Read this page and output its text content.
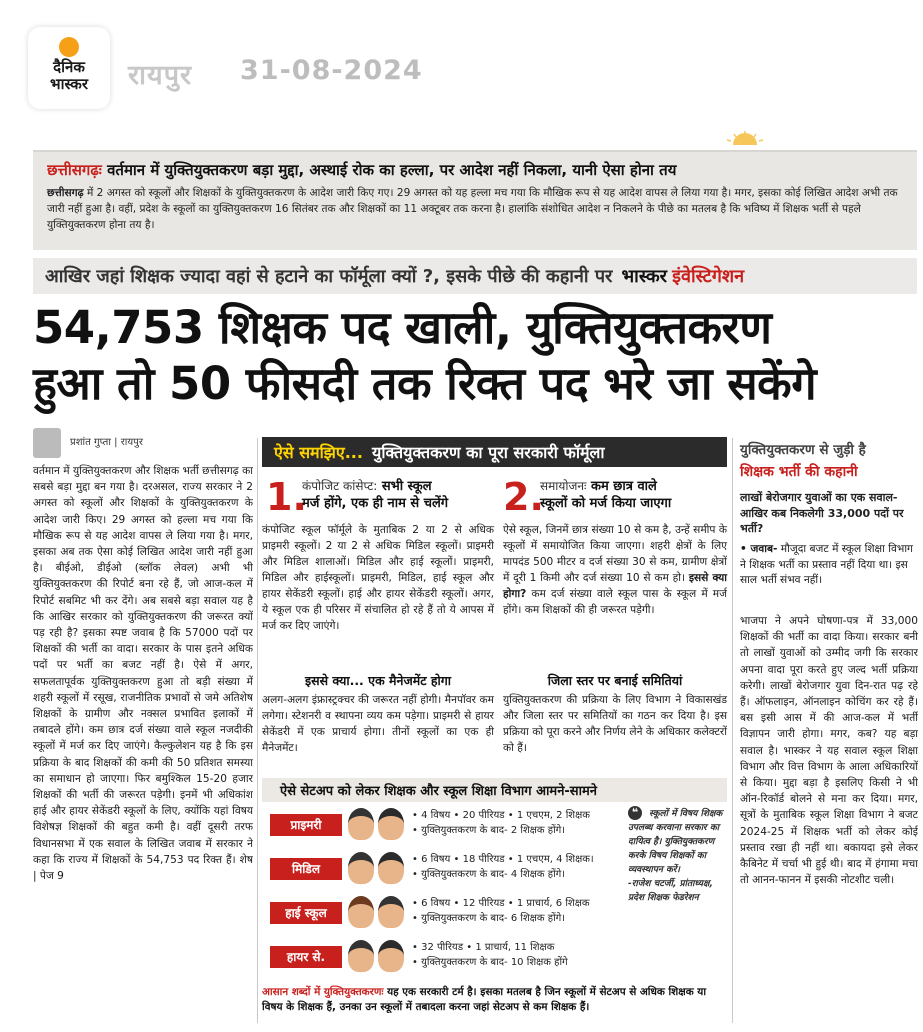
दैनिक
भास्कर	रायपुर 31-08-2024
छत्तीसगढ़ः वर्तमान में युक्तियुक्तकरण बड़ा मुद्दा, अस्थाई रोक का हल्ला, पर आदेश नहीं निकला, यानी ऐसा होना तय
छत्तीसगढ़ में 2 अगस्त को स्कूलों और शिक्षकों के युक्तियुक्तकरण के आदेश जारी किए गए। 29 अगस्त को यह हल्ला मच गया कि मौखिक रूप से यह आदेश वापस ले लिया गया है। मगर, इसका कोई लिखित आदेश अभी तक जारी नहीं हुआ है। वहीं, प्रदेश के स्कूलों का युक्तियुक्तकरण 16 सितंबर तक और शिक्षकों का 11 अक्टूबर तक करना है। हालांकि संशोधित आदेश न निकलने के पीछे का मतलब है कि भविष्य में शिक्षक भर्ती से पहले युक्तियुक्तकरण होना तय है।
आखिर जहां शिक्षक ज्यादा वहां से हटाने का फॉर्मूला क्यों ?, इसके पीछे की कहानी पर भास्कर इंवेस्टिगेशन
54,753 शिक्षक पद खाली, युक्तियुक्तकरण
हुआ तो 50 फीसदी तक रिक्त पद भरे जा सकेंगे
प्रशांत गुप्ता | रायपुर
वर्तमान में युक्तियुक्तकरण और शिक्षक भर्ती छत्तीसगढ़ का सबसे बड़ा मुद्दा बन गया है। दरअसल, राज्य सरकार ने 2 अगस्त को स्कूलों और शिक्षकों के युक्तियुक्तकरण के आदेश जारी किए। 29 अगस्त को हल्ला मच गया कि मौखिक रूप से यह आदेश वापस ले लिया गया है। मगर, इसका अब तक ऐसा कोई लिखित आदेश जारी नहीं हुआ है। बीईओ, डीईओ (ब्लॉक लेवल) अभी भी युक्तियुक्तकरण की रिपोर्ट बना रहे हैं, जो आज-कल में रिपोर्ट सबमिट भी कर देंगे। अब सबसे बड़ा सवाल यह है कि आखिर सरकार को युक्तियुक्तकरण की जरूरत क्यों पड़ रही है? इसका स्पष्ट जवाब है कि 57000 पदों पर शिक्षकों की भर्ती का वादा। सरकार के पास इतने अधिक पदों पर भर्ती का बजट नहीं है। ऐसे में अगर, सफलतापूर्वक युक्तियुक्तकरण हुआ तो बड़ी संख्या में शहरी स्कूलों में रसूख, राजनीतिक प्रभावों से जमे अतिशेष शिक्षकों के ग्रामीण और नक्सल प्रभावित इलाकों में तबादले होंगे। कम छात्र दर्ज संख्या वाले स्कूल नजदीकी स्कूलों में मर्ज कर दिए जाएंगे। कैल्कुलेशन यह है कि इस प्रक्रिया के बाद शिक्षकों की कमी की 50 प्रतिशत समस्या का समाधान हो जाएगा। फिर बमुश्किल 15-20 हजार शिक्षकों की भर्ती की जरूरत पड़ेगी। इनमें भी अधिकांश हाई और हायर सेकेंडरी स्कूलों के लिए, क्योंकि यहां विषय विशेषज्ञ शिक्षकों की बहुत कमी है। वहीं दूसरी तरफ विधानसभा में एक सवाल के लिखित जवाब में सरकार ने कहा कि राज्य में शिक्षकों के 54,753 पद रिक्त हैं। शेष | पेज 9
ऐसे समझिए... युक्तियुक्तकरण का पूरा सरकारी फॉर्मूला
1.
कंपोजिट कांसेप्ट: सभी स्कूल
मर्ज होंगे, एक ही नाम से चलेंगे
कंपोजिट स्कूल फॉर्मूले के मुताबिक 2 या 2 से अधिक प्राइमरी स्कूलों। 2 या 2 से अधिक मिडिल स्कूलों। प्राइमरी और मिडिल शालाओं। मिडिल और हाई स्कूलों। प्राइमरी, मिडिल और हाईस्कूलों। प्राइमरी, मिडिल, हाई स्कूल और हायर सेकेंडरी स्कूलों। हाई और हायर सेकेंडरी स्कूलों। अगर, ये स्कूल एक ही परिसर में संचालित हो रहे हैं तो ये आपस में मर्ज कर दिए जाएंगे।
इससे क्या... एक मैनेजमेंट होगा
अलग-अलग इंफ्रास्ट्रक्चर की जरूरत नहीं होगी। मैनपॉवर कम लगेगा। स्टेशनरी व स्थापना व्यय कम पड़ेगा। प्राइमरी से हायर सेकेंडरी में एक प्राचार्य होगा। तीनों स्कूलों का एक ही मैनेजमेंट।
2.
समायोजनः कम छात्र वाले
स्कूलों को मर्ज किया जाएगा
ऐसे स्कूल, जिनमें छात्र संख्या 10 से कम है, उन्हें समीप के स्कूलों में समायोजित किया जाएगा। शहरी क्षेत्रों के लिए मापदंड 500 मीटर व दर्ज संख्या 30 से कम, ग्रामीण क्षेत्रों में दूरी 1 किमी और दर्ज संख्या 10 से कम हो। इससे क्या होगा? कम दर्ज संख्या वाले स्कूल पास के स्कूल में मर्ज होंगे। कम शिक्षकों की ही जरूरत पड़ेगी।
जिला स्तर पर बनाई समितियां
युक्तियुक्तकरण की प्रक्रिया के लिए विभाग ने विकासखंड और जिला स्तर पर समितियों का गठन कर दिया है। इस प्रक्रिया को पूरा करने और निर्णय लेने के अधिकार कलेक्टरों को हैं।
ऐसे सेटअप को लेकर शिक्षक और स्कूल शिक्षा विभाग आमने-सामने
प्राइमरी
• 4 विषय • 20 पीरियड • 1 एचएम, 2 शिक्षक
• युक्तियुक्तकरण के बाद- 2 शिक्षक होंगे।
मिडिल
• 6 विषय • 18 पीरियड • 1 एचएम, 4 शिक्षक।
• युक्तियुक्तकरण के बाद- 4 शिक्षक होंगे।
हाई स्कूल
• 6 विषय • 12 पीरियड • 1 प्राचार्य, 6 शिक्षक
• युक्तियुक्तकरण के बाद- 6 शिक्षक होंगे।
हायर से.
• 32 पीरियड • 1 प्राचार्य, 11 शिक्षक
• युक्तियुक्तकरण के बाद- 10 शिक्षक होंगे
❝ स्कूलों में विषय शिक्षक उपलब्ध करवाना सरकार का दायित्व है। युक्तियुक्तकरण करके विषय शिक्षकों का व्यवस्थापन करें।
-राजेश चटर्जी, प्रांताध्यक्ष, प्रदेश शिक्षक फेडरेशन
आसान शब्दों में युक्तियुक्तकरणः यह एक सरकारी टर्म है। इसका मतलब है जिन स्कूलों में सेटअप से अधिक शिक्षक या विषय के शिक्षक हैं, उनका उन स्कूलों में तबादला करना जहां सेटअप से कम शिक्षक हैं।
युक्तियुक्तकरण से जुड़ी है
शिक्षक भर्ती की कहानी
लाखों बेरोजगार युवाओं का एक सवाल- आखिर कब निकलेगी 33,000 पदों पर भर्ती?
• जवाब- मौजूदा बजट में स्कूल शिक्षा विभाग ने शिक्षक भर्ती का प्रस्ताव नहीं दिया था। इस साल भर्ती संभव नहीं।
भाजपा ने अपने घोषणा-पत्र में 33,000 शिक्षकों की भर्ती का वादा किया। सरकार बनी तो लाखों युवाओं को उम्मीद जगी कि सरकार अपना वादा पूरा करते हुए जल्द भर्ती प्रक्रिया करेगी। लाखों बेरोजगार युवा दिन-रात पढ़ रहे हैं। ऑफलाइन, ऑनलाइन कोचिंग कर रहे हैं। बस इसी आस में की आज-कल में भर्ती विज्ञापन जारी होगा। मगर, कब? यह बड़ा सवाल है। भास्कर ने यह सवाल स्कूल शिक्षा विभाग और वित्त विभाग के आला अधिकारियों से किया। मुद्दा बड़ा है इसलिए किसी ने भी ऑन-रिकॉर्ड बोलने से मना कर दिया। मगर, सूत्रों के मुताबिक स्कूल शिक्षा विभाग ने बजट 2024-25 में शिक्षक भर्ती को लेकर कोई प्रस्ताव रखा ही नहीं था। बकायदा इसे लेकर कैबिनेट में चर्चा भी हुई थी। बाद में हंगामा मचा तो आनन-फानन में इसकी नोटशीट चली।
